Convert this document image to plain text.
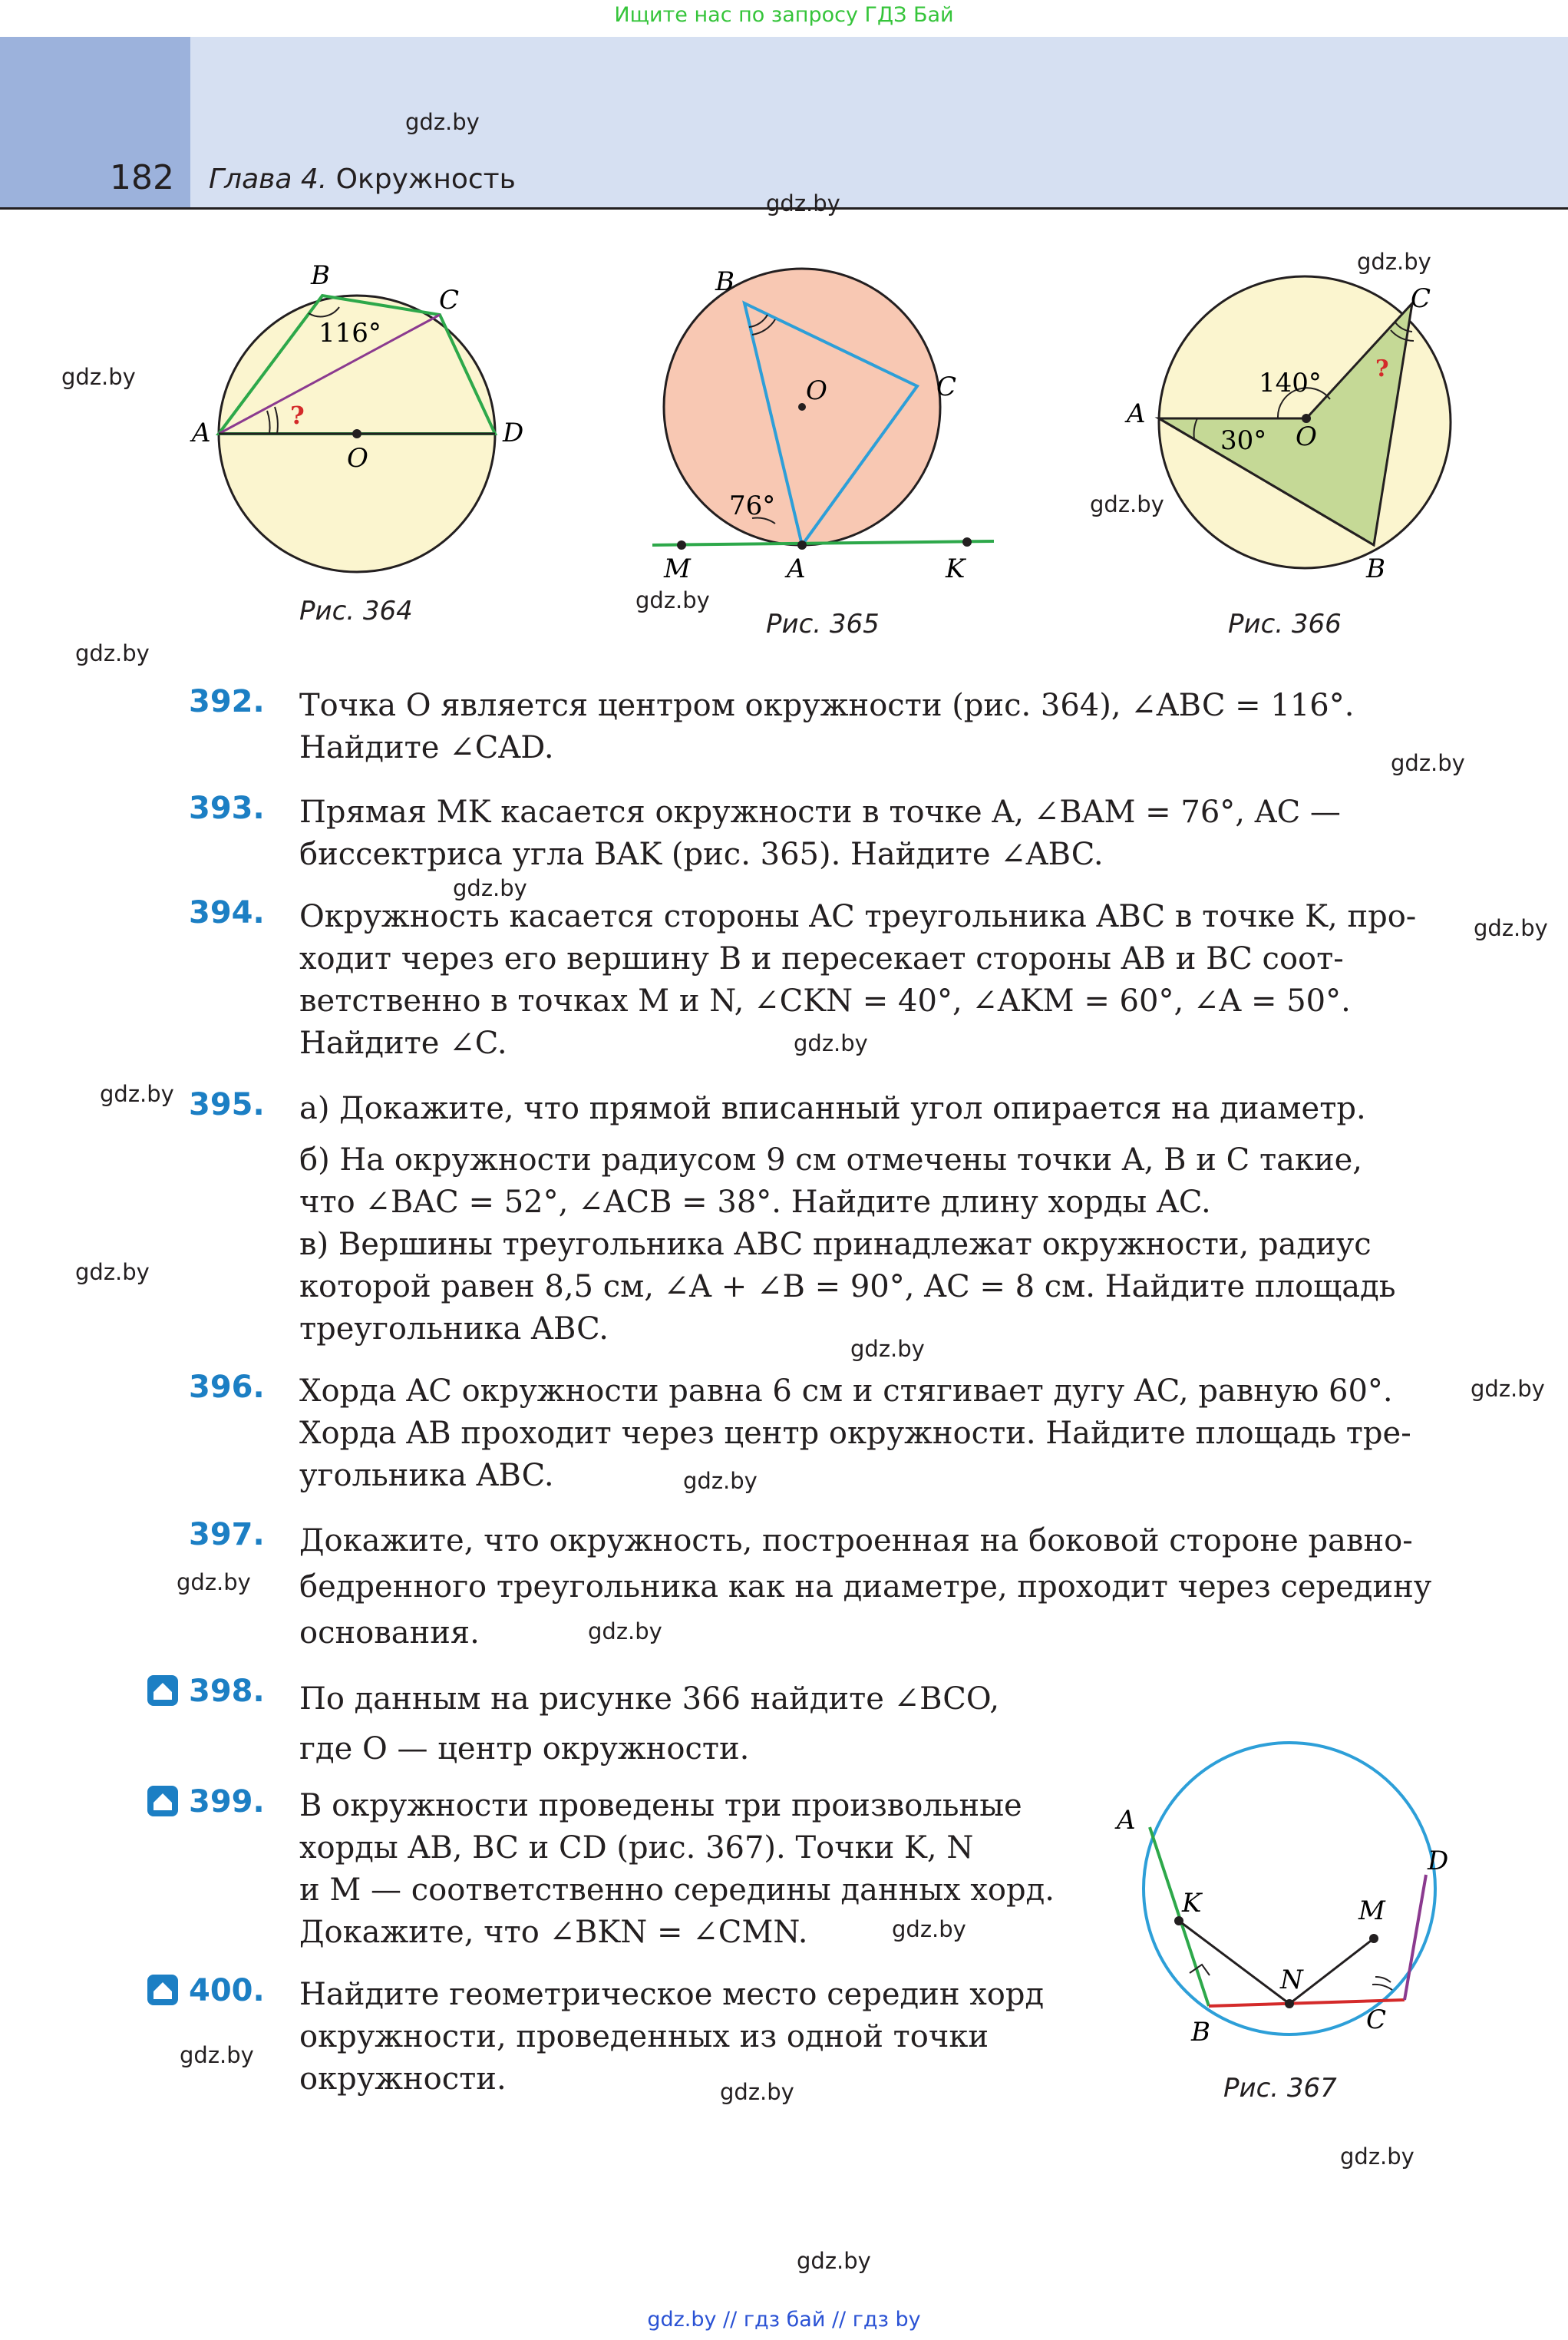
Ищите нас по запросу ГДЗ Бай
182 Глава 4. Окружность
gdz.by
gdz.by
gdz.by
gdz.by
gdz.by
gdz.by
gdz.by
gdz.by
gdz.by
gdz.by
gdz.by
gdz.by
gdz.by
gdz.by
gdz.by
gdz.by
gdz.by
gdz.by
gdz.by
gdz.by
gdz.by
gdz.by
gdz.by
B
C
A	D
O
116°
?
Рис. 364
B
C
O
M	A	K
76°
Рис. 365
C
A
O
B
140°
30°
?
Рис. 366
392. Точка O является центром окружности (рис. 364), ∠ABC = 116°.
Найдите ∠CAD.
393. Прямая MK касается окружности в точке A, ∠BAM = 76°, AC —
биссектриса угла BAK (рис. 365). Найдите ∠ABC.
394. Окружность касается стороны AC треугольника ABC в точке K, про-
ходит через его вершину B и пересекает стороны AB и BC соот-
ветственно в точках M и N, ∠CKN = 40°, ∠AKM = 60°, ∠A = 50°.
Найдите ∠C.
395. а) Докажите, что прямой вписанный угол опирается на диаметр.
б) На окружности радиусом 9 см отмечены точки A, B и C такие,
что ∠BAC = 52°, ∠ACB = 38°. Найдите длину хорды AC.
в) Вершины треугольника ABC принадлежат окружности, радиус
которой равен 8,5 см, ∠A + ∠B = 90°, AC = 8 см. Найдите площадь
треугольника ABC.
396. Хорда AC окружности равна 6 см и стягивает дугу AC, равную 60°.
Хорда AB проходит через центр окружности. Найдите площадь тре-
угольника ABC.
397. Докажите, что окружность, построенная на боковой стороне равно-
бедренного треугольника как на диаметре, проходит через середину
основания.
398. По данным на рисунке 366 найдите ∠BCO,
где O — центр окружности.
399. В окружности проведены три произвольные
хорды AB, BC и CD (рис. 367). Точки K, N
и M — соответственно середины данных хорд.
Докажите, что ∠BKN = ∠CMN.
400. Найдите геометрическое место середин хорд
окружности, проведенных из одной точки
окружности.
A
D
K	M
N
B	C
Рис. 367
gdz.by // гдз бай // гдз by
